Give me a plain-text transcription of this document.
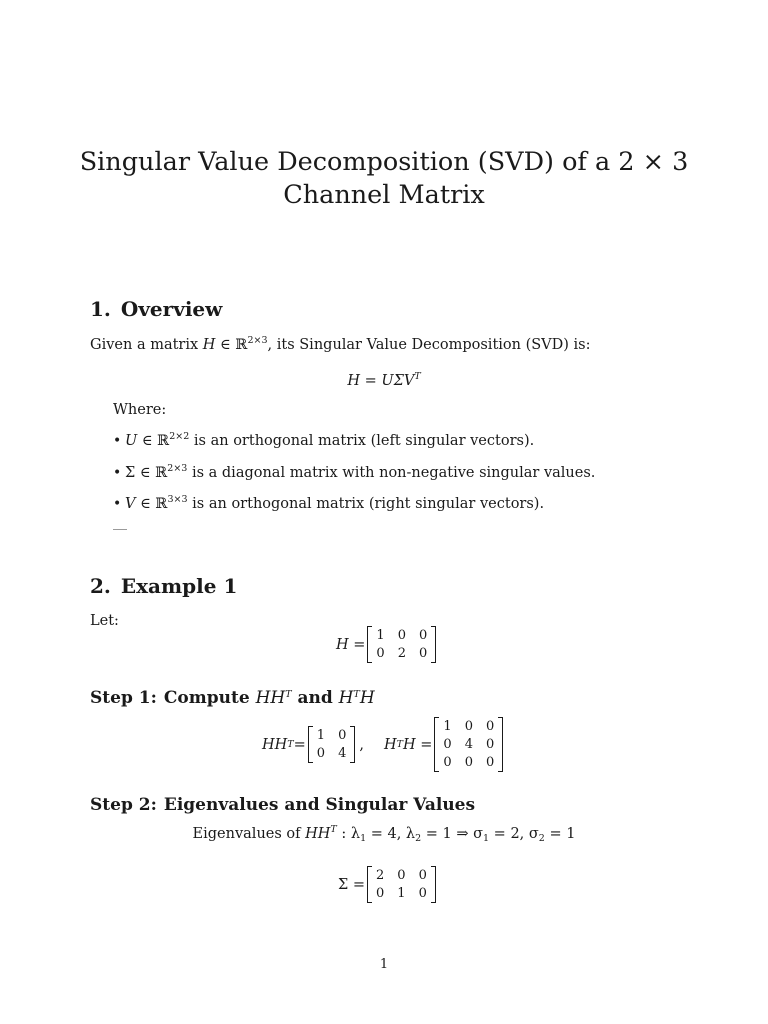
Singular Value Decomposition (SVD) of a 2 × 3 Channel Matrix
1. Overview
Given a matrix H ∈ ℝ$^{2\times 3}$, its Singular Value Decomposition (SVD) is:
$H = U\Sigma V^T$
Where:
• U ∈ ℝ$^{2\times 2}$ is an orthogonal matrix (left singular vectors).
• Σ ∈ ℝ$^{2\times 3}$ is a diagonal matrix with non-negative singular values.
• V ∈ ℝ$^{3\times 3}$ is an orthogonal matrix (right singular vectors).
2. Example 1
Let:
H =
1 0 0
0 2 0
Step 1: Compute $HH^T$ and $H^TH$
HH T =
1 0
0 4
, H T H =
1 0 0
0 4 0
0 0 0
Step 2: Eigenvalues and Singular Values
Eigenvalues of $HH^T$ : $\lambda_1 = 4$, $\lambda_2 = 1$ ⇒ $\sigma_1 = 2$, $\sigma_2 = 1$
Σ =
2 0 0
0 1 0
1
